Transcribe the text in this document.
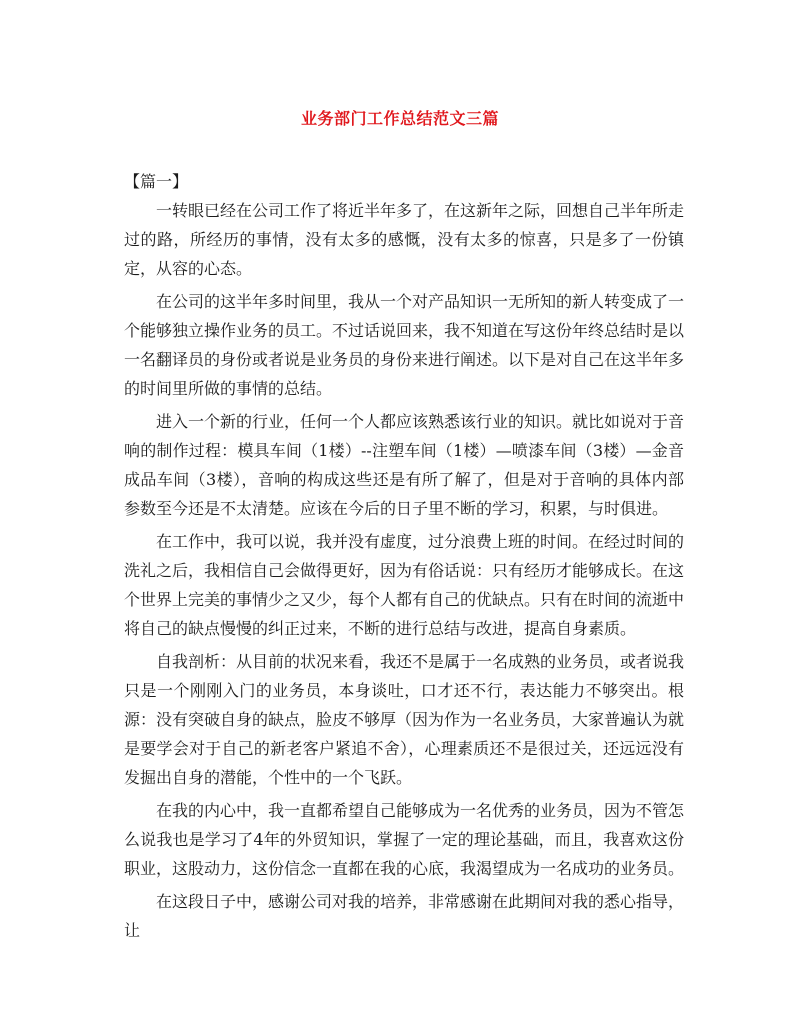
业务部门工作总结范文三篇
【篇一】

一转眼已经在公司工作了将近半年多了，在这新年之际，回想自己半年所走过的路，所经历的事情，没有太多的感慨，没有太多的惊喜，只是多了一份镇定，从容的心态。

在公司的这半年多时间里，我从一个对产品知识一无所知的新人转变成了一个能够独立操作业务的员工。不过话说回来，我不知道在写这份年终总结时是以一名翻译员的身份或者说是业务员的身份来进行阐述。以下是对自己在这半年多的时间里所做的事情的总结。

进入一个新的行业，任何一个人都应该熟悉该行业的知识。就比如说对于音响的制作过程：模具车间（1楼）--注塑车间（1楼）—喷漆车间（3楼）—金音成品车间（3楼），音响的构成这些还是有所了解了，但是对于音响的具体内部参数至今还是不太清楚。应该在今后的日子里不断的学习，积累，与时俱进。

在工作中，我可以说，我并没有虚度，过分浪费上班的时间。在经过时间的洗礼之后，我相信自己会做得更好，因为有俗话说：只有经历才能够成长。在这个世界上完美的事情少之又少，每个人都有自己的优缺点。只有在时间的流逝中将自己的缺点慢慢的纠正过来，不断的进行总结与改进，提高自身素质。

自我剖析：从目前的状况来看，我还不是属于一名成熟的业务员，或者说我只是一个刚刚入门的业务员，本身谈吐，口才还不行，表达能力不够突出。根源：没有突破自身的缺点，脸皮不够厚（因为作为一名业务员，大家普遍认为就是要学会对于自己的新老客户紧追不舍），心理素质还不是很过关，还远远没有发掘出自身的潜能，个性中的一个飞跃。

在我的内心中，我一直都希望自己能够成为一名优秀的业务员，因为不管怎么说我也是学习了4年的外贸知识，掌握了一定的理论基础，而且，我喜欢这份职业，这股动力，这份信念一直都在我的心底，我渴望成为一名成功的业务员。

在这段日子中，感谢公司对我的培养，非常感谢在此期间对我的悉心指导，让
